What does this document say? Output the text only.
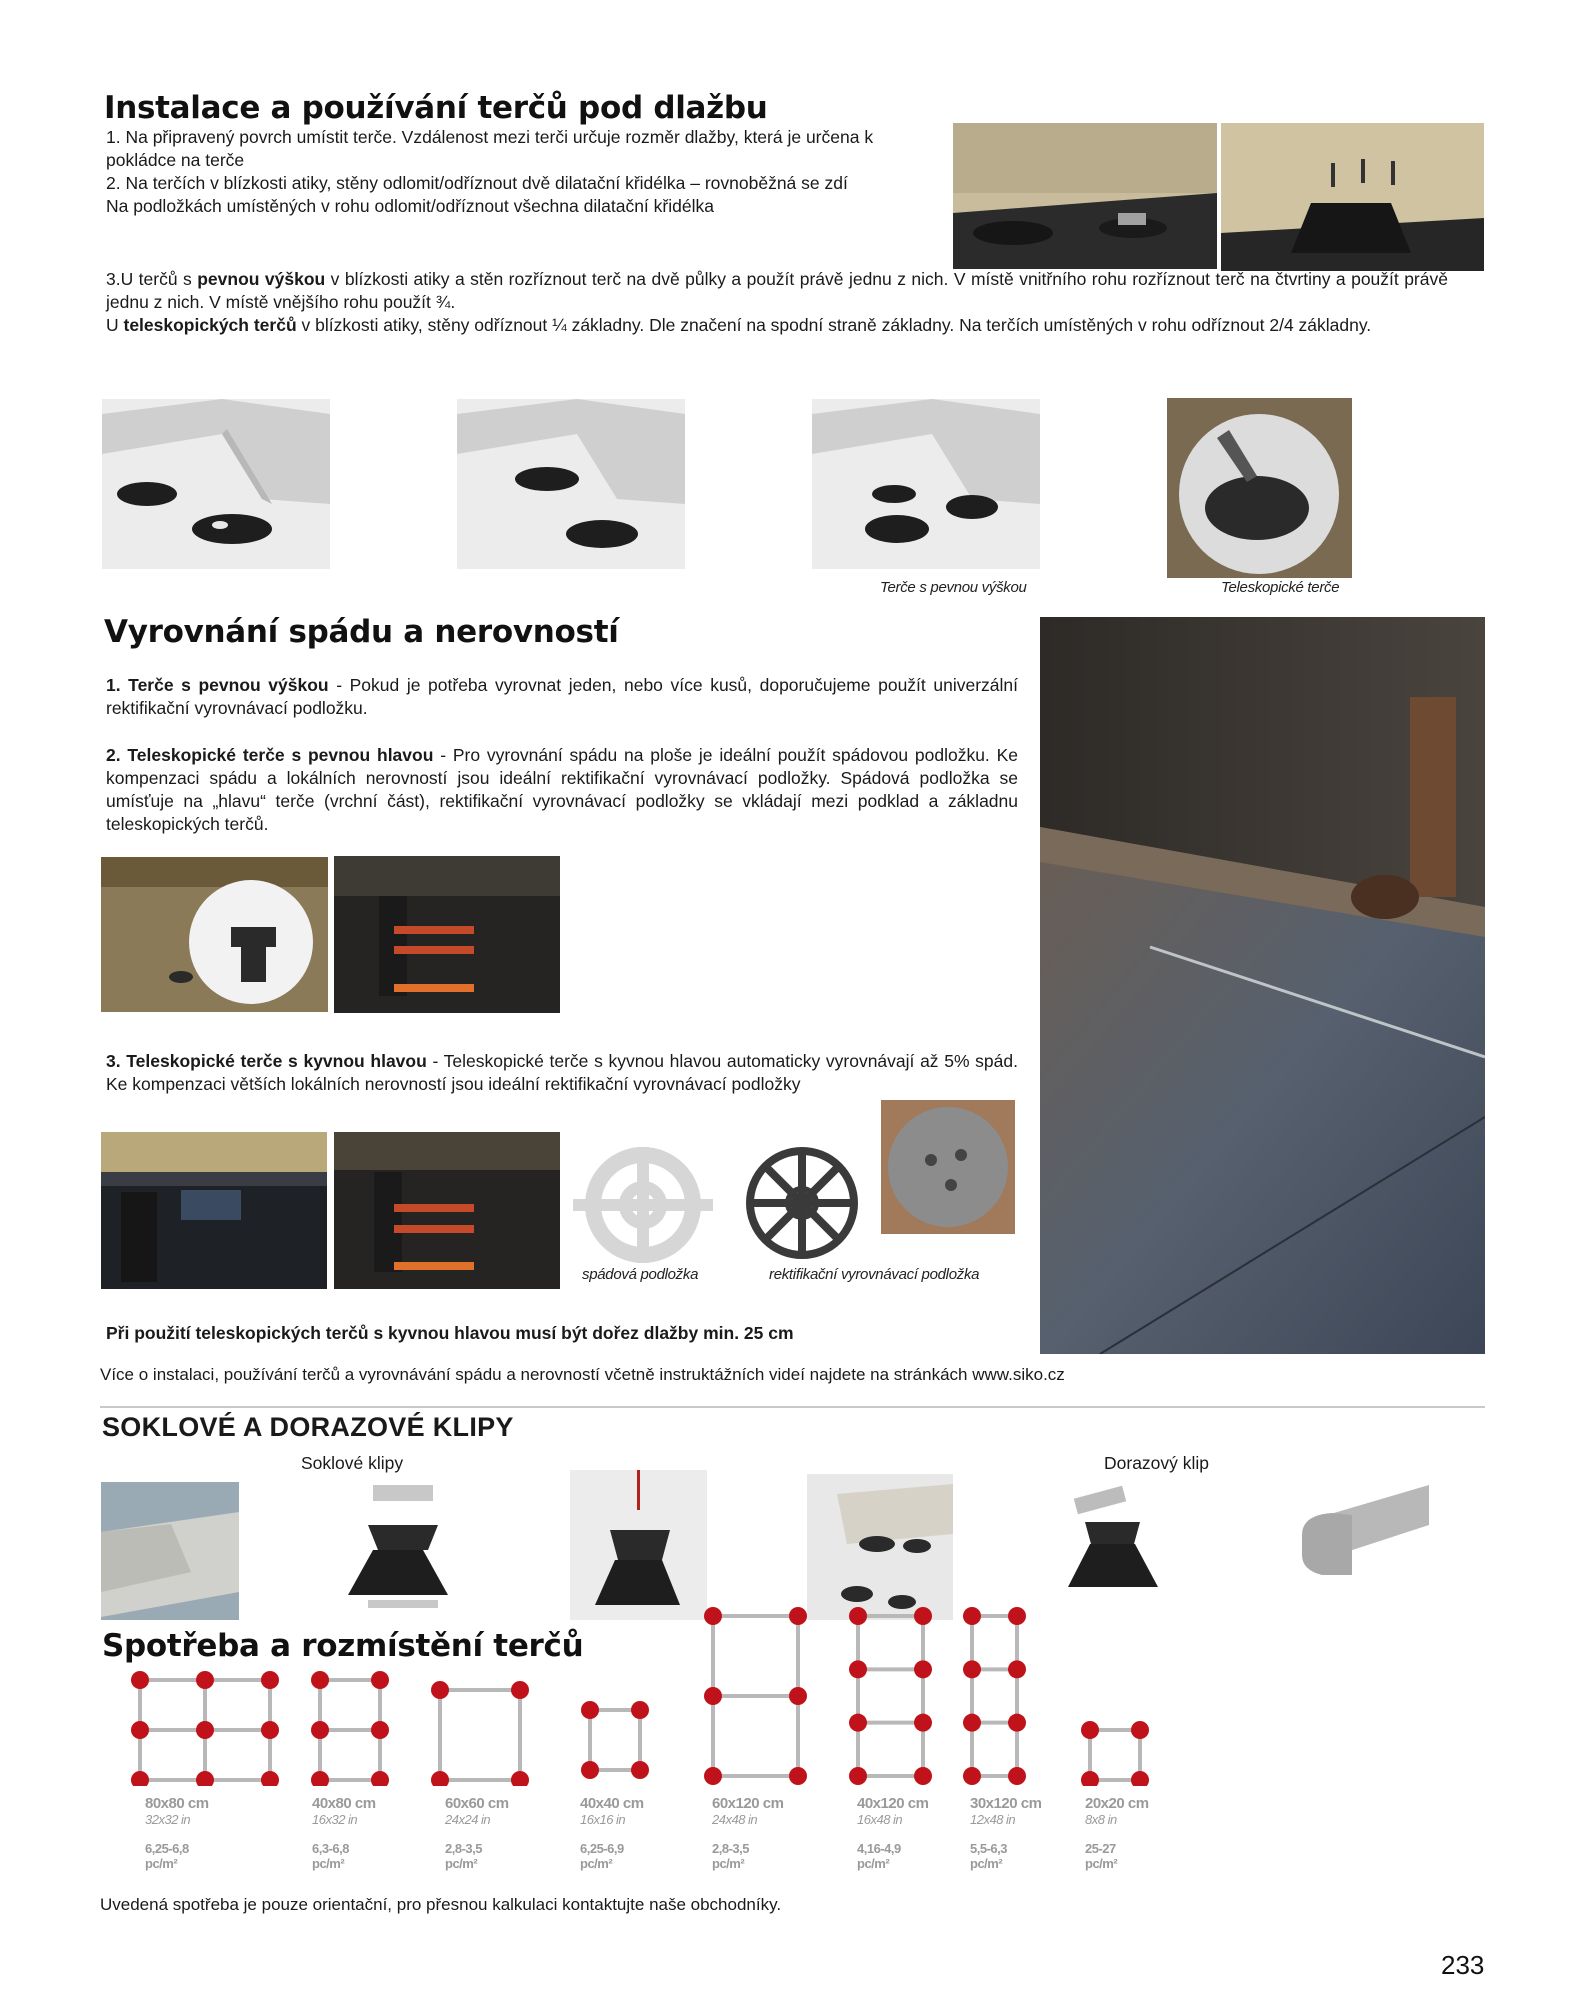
Instalace a používání terčů pod dlažbu

1. Na připravený povrch umístit terče. Vzdálenost mezi terči určuje rozměr dlažby, která je určena k pokládce na terče

2. Na terčích v blízkosti atiky, stěny odlomit/odříznout dvě dilatační křidélka – rovnoběžná se zdí

Na podložkách umístěných v rohu odlomit/odříznout všechna dilatační křidélka

3.U terčů s pevnou výškou v blízkosti atiky a stěn rozříznout terč na dvě půlky a použít právě jednu z nich. V místě vnitřního rohu rozříznout terč na čtvrtiny a použít právě jednu z nich. V místě vnějšího rohu použít ¾.

U teleskopických terčů v blízkosti atiky, stěny odříznout ¼ základny. Dle značení na spodní straně základny. Na terčích umístěných v rohu odříznout 2/4 základny.

Terče s pevnou výškou	Teleskopické terče
Vyrovnání spádu a nerovností

1. Terče s pevnou výškou - Pokud je potřeba vyrovnat jeden, nebo více kusů, doporučujeme použít univerzální rektifikační vyrovnávací podložku.

2. Teleskopické terče s pevnou hlavou - Pro vyrovnání spádu na ploše je ideální použít spádovou podložku. Ke kompenzaci spádu a lokálních nerovností jsou ideální rektifikační vyrovnávací podložky. Spádová podložka se umísťuje na „hlavu“ terče (vrchní část), rektifikační vyrovnávací podložky se vkládají mezi podklad a základnu teleskopických terčů.

3. Teleskopické terče s kyvnou hlavou - Teleskopické terče s kyvnou hlavou automaticky vyrovnávají až 5% spád. Ke kompenzaci větších lokálních nerovností jsou ideální rektifikační vyrovnávací podložky

spádová podložka	rektifikační vyrovnávací podložka
Při použití teleskopických terčů s kyvnou hlavou musí být dořez dlažby min. 25 cm
Více o instalaci, používání terčů a vyrovnávání spádu a nerovností včetně instruktážních videí najdete na stránkách www.siko.cz
SOKLOVÉ A DORAZOVÉ KLIPY
Soklové klipy	Dorazový klip
Spotřeba a rozmístění terčů
80x80 cm
32x32 in
6,25-6,8
pc/m²
40x80 cm
16x32 in
6,3-6,8
pc/m²
60x60 cm
24x24 in
2,8-3,5
pc/m²
40x40 cm
16x16 in
6,25-6,9
pc/m²
60x120 cm
24x48 in
2,8-3,5
pc/m²
40x120 cm
16x48 in
4,16-4,9
pc/m²
30x120 cm
12x48 in
5,5-6,3
pc/m²
20x20 cm
8x8 in
25-27
pc/m²
Uvedená spotřeba je pouze orientační, pro přesnou kalkulaci kontaktujte naše obchodníky.
233
